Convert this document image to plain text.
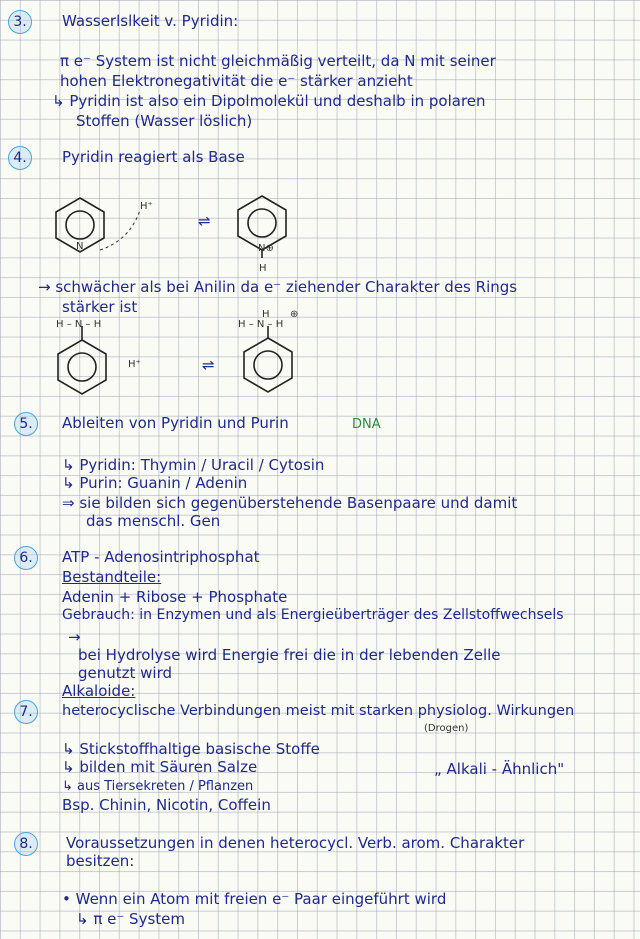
3.	Wasserlslkeit v. Pyridin:
π e⁻ System ist nicht gleichmäßig verteilt, da N mit seiner
hohen Elektronegativität die e⁻ stärker anzieht
↳ Pyridin ist also ein Dipolmolekül und deshalb in polaren
Stoffen (Wasser löslich)
4.	Pyridin reagiert als Base
H⁺
⇌
N	N⊕
H
→ schwächer als bei Anilin da e⁻ ziehender Charakter des Rings
stärker ist
H – N – H	H – N – H
H ⊕
H⁺	⇌
5.	Ableiten von Pyridin und Purin	DNA
↳ Pyridin: Thymin / Uracil / Cytosin
↳ Purin: Guanin / Adenin
⇒ sie bilden sich gegenüberstehende Basenpaare und damit
das menschl. Gen
6.	ATP - Adenosintriphosphat
Bestandteile:
Adenin + Ribose + Phosphate
Gebrauch: in Enzymen und als Energieüberträger des Zellstoffwechsels
→
bei Hydrolyse wird Energie frei die in der lebenden Zelle
genutzt wird
Alkaloide:
7.	heterocyclische Verbindungen meist mit starken physiolog. Wirkungen
(Drogen)
↳ Stickstoffhaltige basische Stoffe
↳ bilden mit Säuren Salze	„ Alkali - Ähnlich"
↳ aus Tiersekreten / Pflanzen
Bsp. Chinin, Nicotin, Coffein
8.	Voraussetzungen in denen heterocycl. Verb. arom. Charakter
besitzen:
• Wenn ein Atom mit freien e⁻ Paar eingeführt wird
↳ π e⁻ System
